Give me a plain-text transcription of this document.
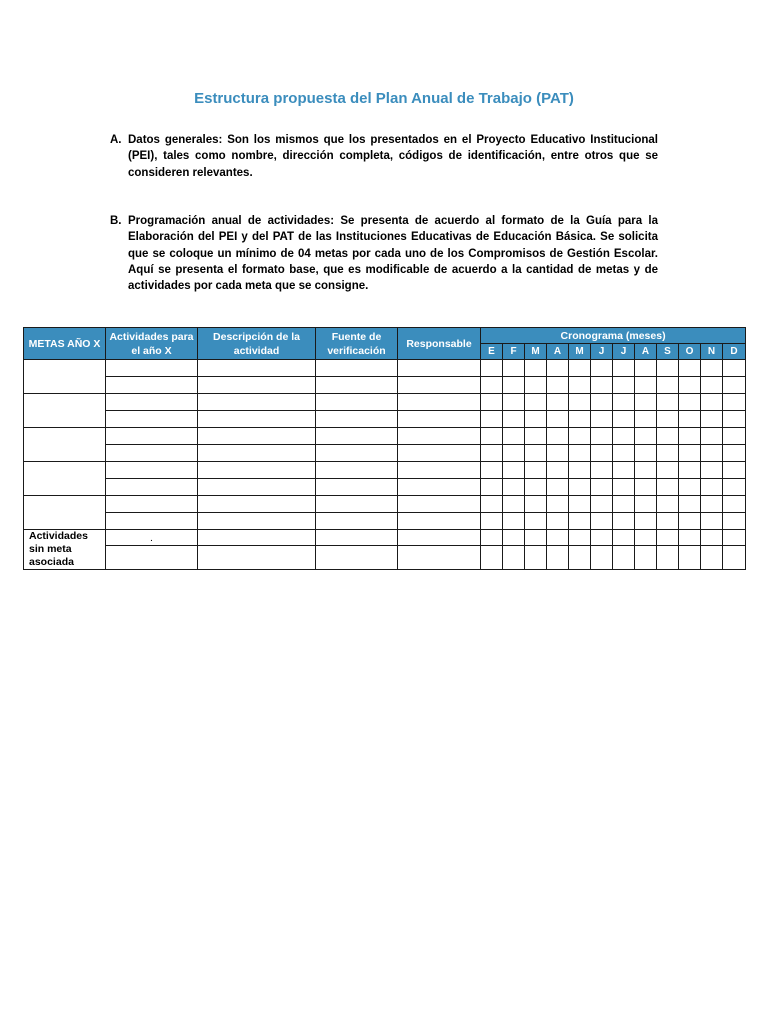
Estructura propuesta del Plan Anual de Trabajo (PAT)
A. Datos generales: Son los mismos que los presentados en el Proyecto Educativo Institucional (PEI), tales como nombre, dirección completa, códigos de identificación, entre otros que se consideren relevantes.
B. Programación anual de actividades: Se presenta de acuerdo al formato de la Guía para la Elaboración del PEI y del PAT de las Instituciones Educativas de Educación Básica. Se solicita que se coloque un mínimo de 04 metas por cada uno de los Compromisos de Gestión Escolar. Aquí se presenta el formato base, que es modificable de acuerdo a la cantidad de metas y de actividades por cada meta que se consigne.
METAS AÑO X	Actividades para el año X	Descripción de la actividad	Fuente de verificación	Responsable	Cronograma (meses)											
					E	F	M	A	M	J	J	A	S	O	N	D

Actividades sin meta asociada	.															
